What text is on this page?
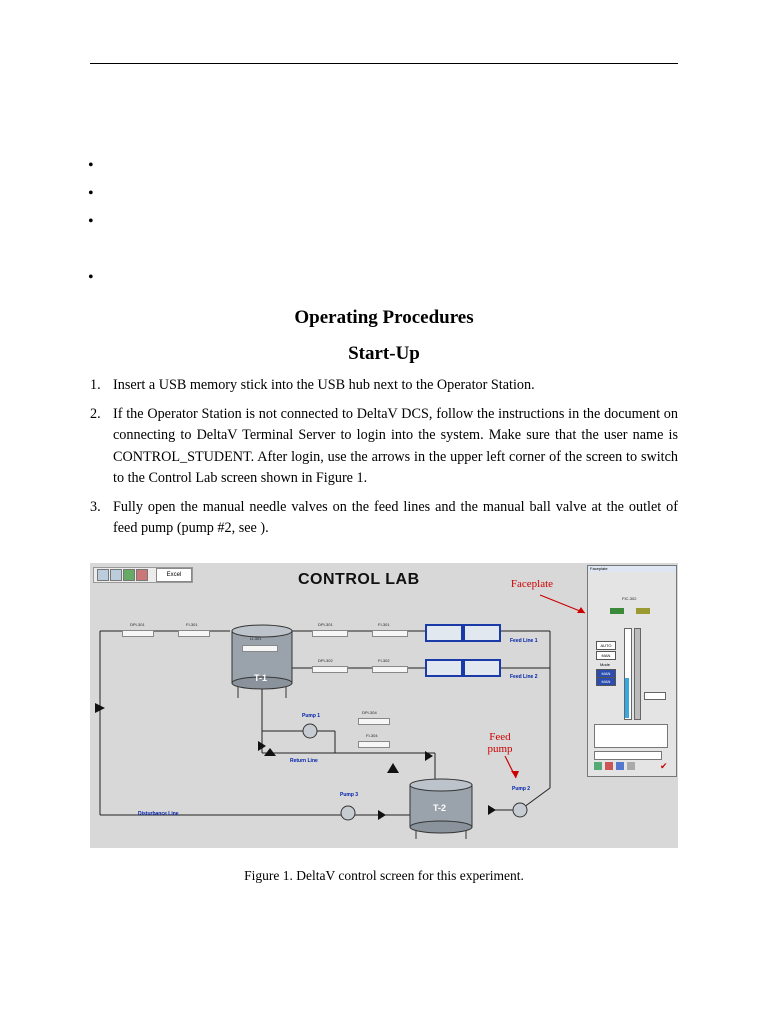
•
•
•
•
Operating Procedures
Start-Up
1. Insert a USB memory stick into the USB hub next to the Operator Station.
2. If the Operator Station is not connected to DeltaV DCS, follow the instructions in the document on connecting to DeltaV Terminal Server to login into the system. Make sure that the user name is CONTROL_STUDENT. After login, use the arrows in the upper left corner of the screen to switch to the Control Lab screen shown in Figure 1.
3. Fully open the manual needle valves on the feed lines and the manual ball valve at the outlet of feed pump (pump #2, see ).
Excel	CONTROL LAB
DPI-301	FI-301
LI-301
DPI-301	FI-301
DPI-302	FI-302
DPI-304
FI-304
T-1
T-2
Feed Line 1
Feed Line 2
Return Line
Disturbance Line
Pump 1
Pump 2
Pump 3
Faceplate
Feed
pump
Faceplate
FIC-302
AUTO
MAN
Mode
MAN
MAN
✔
Figure 1. DeltaV control screen for this experiment.
